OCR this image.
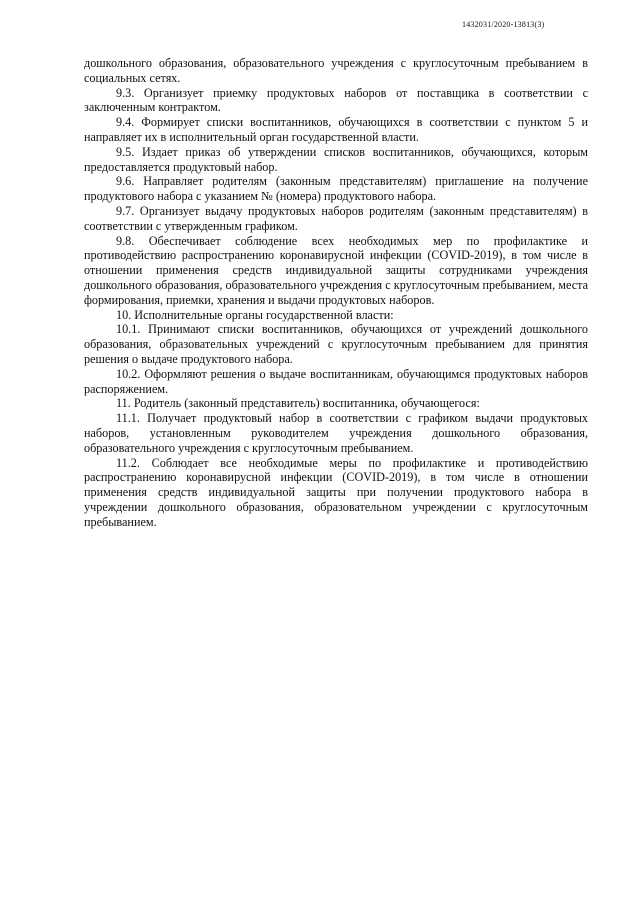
1432031/2020-13813(3)

дошкольного образования, образовательного учреждения с круглосуточным пребыванием в социальных сетях.

9.3. Организует приемку продуктовых наборов от поставщика в соответствии с заключенным контрактом.

9.4. Формирует списки воспитанников, обучающихся в соответствии с пунктом 5 и направляет их в исполнительный орган государственной власти.

9.5. Издает приказ об утверждении списков воспитанников, обучающихся, которым предоставляется продуктовый набор.

9.6. Направляет родителям (законным представителям) приглашение на получение продуктового набора с указанием № (номера) продуктового набора.

9.7. Организует выдачу продуктовых наборов родителям (законным представителям) в соответствии с утвержденным графиком.

9.8. Обеспечивает соблюдение всех необходимых мер по профилактике и противодействию распространению коронавирусной инфекции (COVID-2019), в том числе в отношении применения средств индивидуальной защиты сотрудниками учреждения дошкольного образования, образовательного учреждения с круглосуточным пребыванием, места формирования, приемки, хранения и выдачи продуктовых наборов.

10. Исполнительные органы государственной власти:

10.1. Принимают списки воспитанников, обучающихся от учреждений дошкольного образования, образовательных учреждений с круглосуточным пребыванием для принятия решения о выдаче продуктового набора.

10.2. Оформляют решения о выдаче воспитанникам, обучающимся продуктовых наборов распоряжением.

11. Родитель (законный представитель) воспитанника, обучающегося:

11.1. Получает продуктовый набор в соответствии с графиком выдачи продуктовых наборов, установленным руководителем учреждения дошкольного образования, образовательного учреждения с круглосуточным пребыванием.

11.2. Соблюдает все необходимые меры по профилактике и противодействию распространению коронавирусной инфекции (COVID-2019), в том числе в отношении применения средств индивидуальной защиты при получении продуктового набора в учреждении дошкольного образования, образовательном учреждении с круглосуточным пребыванием.
